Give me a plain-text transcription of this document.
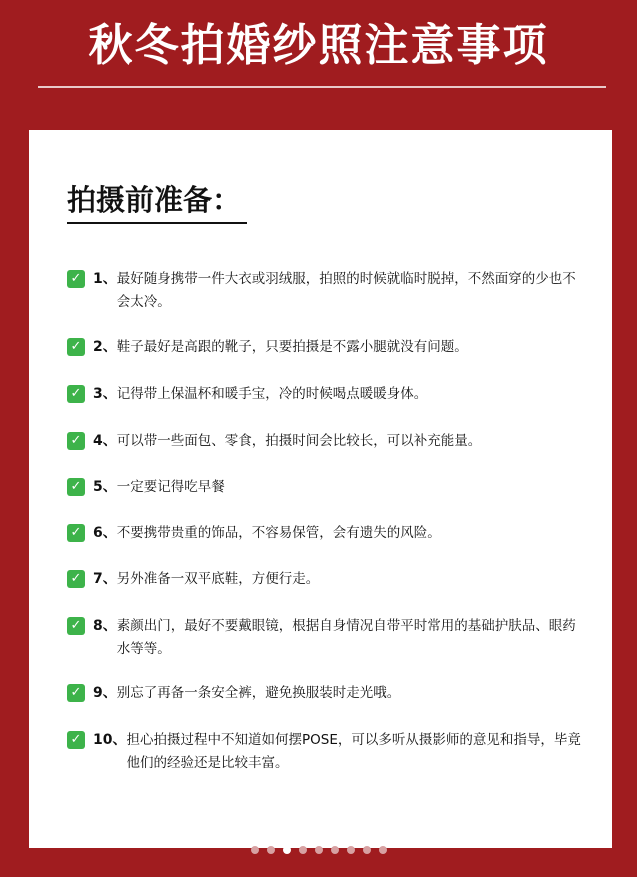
秋冬拍婚纱照注意事项
拍摄前准备：
✓ 1、 最好随身携带一件大衣或羽绒服，拍照的时候就临时脱掉，不然面穿的少也不会太冷。
✓ 2、 鞋子最好是高跟的靴子，只要拍摄是不露小腿就没有问题。
✓ 3、 记得带上保温杯和暖手宝，冷的时候喝点暖暖身体。
✓ 4、 可以带一些面包、零食，拍摄时间会比较长，可以补充能量。
✓ 5、 一定要记得吃早餐
✓ 6、 不要携带贵重的饰品，不容易保管，会有遗失的风险。
✓ 7、 另外准备一双平底鞋，方便行走。
✓ 8、 素颜出门，最好不要戴眼镜，根据自身情况自带平时常用的基础护肤品、眼药水等等。
✓ 9、 别忘了再备一条安全裤，避免换服装时走光哦。
✓ 10、 担心拍摄过程中不知道如何摆POSE，可以多听从摄影师的意见和指导，毕竟他们的经验还是比较丰富。
